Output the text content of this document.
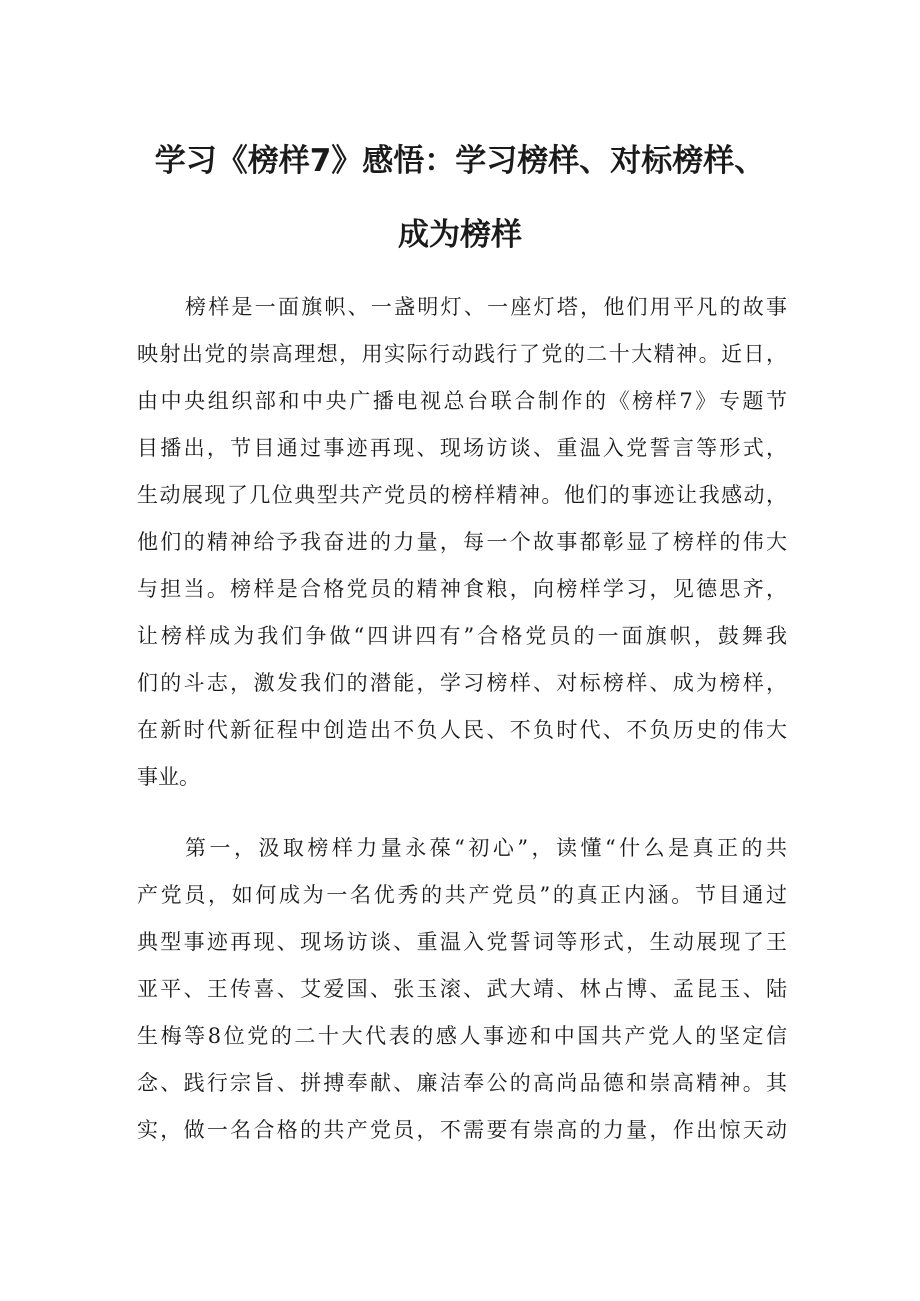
学习《榜样7》感悟：学习榜样、对标榜样、
成为榜样
榜样是一面旗帜、一盏明灯、一座灯塔，他们用平凡的故事
映射出党的崇高理想，用实际行动践行了党的二十大精神。近日，
由中央组织部和中央广播电视总台联合制作的《榜样7》专题节
目播出，节目通过事迹再现、现场访谈、重温入党誓言等形式，
生动展现了几位典型共产党员的榜样精神。他们的事迹让我感动，
他们的精神给予我奋进的力量，每一个故事都彰显了榜样的伟大
与担当。榜样是合格党员的精神食粮，向榜样学习，见德思齐，
让榜样成为我们争做“四讲四有”合格党员的一面旗帜，鼓舞我
们的斗志，激发我们的潜能，学习榜样、对标榜样、成为榜样，
在新时代新征程中创造出不负人民、不负时代、不负历史的伟大
事业。
第一，汲取榜样力量永葆“初心”，读懂“什么是真正的共
产党员，如何成为一名优秀的共产党员”的真正内涵。节目通过
典型事迹再现、现场访谈、重温入党誓词等形式，生动展现了王
亚平、王传喜、艾爱国、张玉滚、武大靖、林占博、孟昆玉、陆
生梅等8位党的二十大代表的感人事迹和中国共产党人的坚定信
念、践行宗旨、拼搏奉献、廉洁奉公的高尚品德和崇高精神。其
实，做一名合格的共产党员，不需要有崇高的力量，作出惊天动
